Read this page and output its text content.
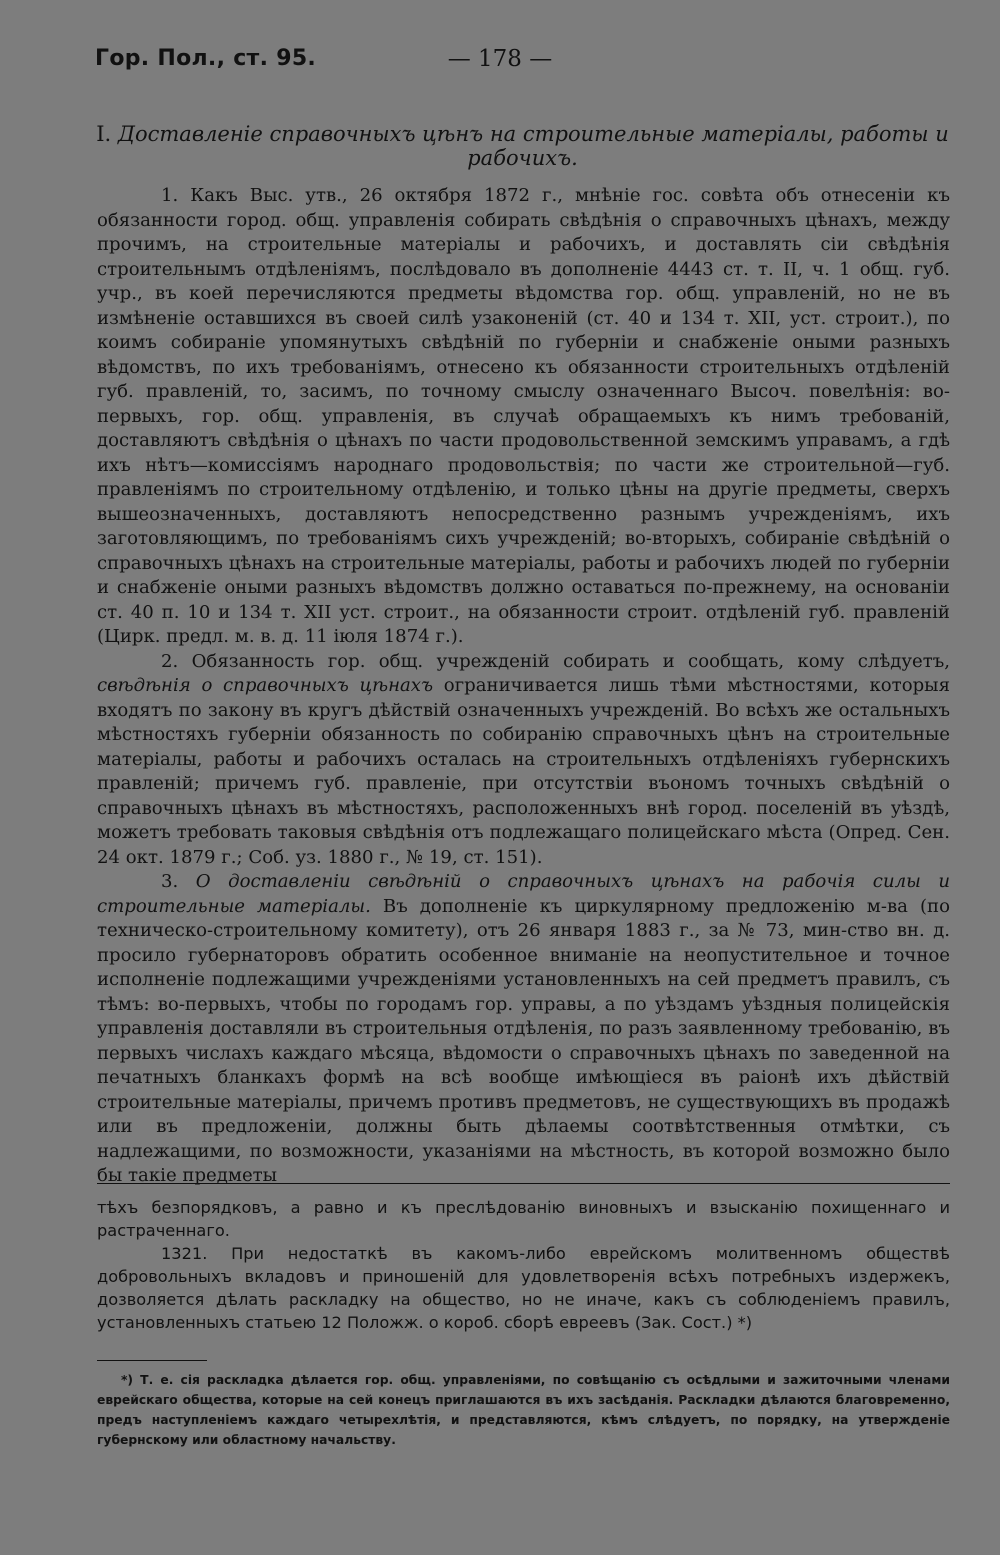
Гор. Пол., ст. 95.	— 178 —
I. Доставленіе справочныхъ цѣнъ на строительные матеріалы, работы и рабочихъ.

1. Какъ Выс. утв., 26 октября 1872 г., мнѣніе гос. совѣта объ отнесеніи къ обязанности город. общ. управленія собирать свѣдѣнія о справочныхъ цѣнахъ, между прочимъ, на строительные матеріалы и рабочихъ, и доставлять сіи свѣдѣнія строительнымъ отдѣленіямъ, послѣдовало въ дополненіе 4443 ст. т. II, ч. 1 общ. губ. учр., въ коей перечисляются предметы вѣдомства гор. общ. управленій, но не въ измѣненіе оставшихся въ своей силѣ узаконеній (ст. 40 и 134 т. XII, уст. строит.), по коимъ собираніе упомянутыхъ свѣдѣній по губерніи и снабженіе оными разныхъ вѣдомствъ, по ихъ требованіямъ, отнесено къ обязанности строительныхъ отдѣленій губ. правленій, то, засимъ, по точному смыслу означеннаго Высоч. повелѣнія: во-первыхъ, гор. общ. управленія, въ случаѣ обращаемыхъ къ нимъ требованій, доставляютъ свѣдѣнія о цѣнахъ по части продовольственной земскимъ управамъ, а гдѣ ихъ нѣтъ—комиссіямъ народнаго продовольствія; по части же строительной—губ. правленіямъ по строительному отдѣленію, и только цѣны на другіе предметы, сверхъ вышеозначенныхъ, доставляютъ непосредственно разнымъ учрежденіямъ, ихъ заготовляющимъ, по требованіямъ сихъ учрежденій; во-вторыхъ, собираніе свѣдѣній о справочныхъ цѣнахъ на строительные матеріалы, работы и рабочихъ людей по губерніи и снабженіе оными разныхъ вѣдомствъ должно оставаться по-прежнему, на основаніи ст. 40 п. 10 и 134 т. XII уст. строит., на обязанности строит. отдѣленій губ. правленій (Цирк. предл. м. в. д. 11 іюля 1874 г.).

2. Обязанность гор. общ. учрежденій собирать и сообщать, кому слѣдуетъ, свѣдѣнія о справочныхъ цѣнахъ ограничивается лишь тѣми мѣстностями, которыя входятъ по закону въ кругъ дѣйствій означенныхъ учрежденій. Во всѣхъ же остальныхъ мѣстностяхъ губерніи обязанность по собиранію справочныхъ цѣнъ на строительные матеріалы, работы и рабочихъ осталась на строительныхъ отдѣленіяхъ губернскихъ правленій; причемъ губ. правленіе, при отсутствіи въономъ точныхъ свѣдѣній о справочныхъ цѣнахъ въ мѣстностяхъ, расположенныхъ внѣ город. поселеній въ уѣздѣ, можетъ требовать таковыя свѣдѣнія отъ подлежащаго полицейскаго мѣста (Опред. Сен. 24 окт. 1879 г.; Соб. уз. 1880 г., № 19, ст. 151).

3. О доставленіи свѣдѣній о справочныхъ цѣнахъ на рабочія силы и строительные матеріалы. Въ дополненіе къ циркулярному предложенію м-ва (по техническо-строительному комитету), отъ 26 января 1883 г., за № 73, мин-ство вн. д. просило губернаторовъ обратить особенное вниманіе на неопустительное и точное исполненіе подлежащими учрежденіями установленныхъ на сей предметъ правилъ, съ тѣмъ: во-первыхъ, чтобы по городамъ гор. управы, а по уѣздамъ уѣздныя полицейскія управленія доставляли въ строительныя отдѣленія, по разъ заявленному требованію, въ первыхъ числахъ каждаго мѣсяца, вѣдомости о справочныхъ цѣнахъ по заведенной на печатныхъ бланкахъ формѣ на всѣ вообще имѣющіеся въ раіонѣ ихъ дѣйствій строительные матеріалы, причемъ противъ предметовъ, не существующихъ въ продажѣ или въ предложеніи, должны быть дѣлаемы соотвѣтственныя отмѣтки, съ надлежащими, по возможности, указаніями на мѣстность, въ которой возможно было бы такіе предметы

тѣхъ безпорядковъ, а равно и къ преслѣдованію виновныхъ и взысканію похищеннаго и растраченнаго.

1321. При недостаткѣ въ какомъ-либо еврейскомъ молитвенномъ обществѣ добровольныхъ вкладовъ и приношеній для удовлетворенія всѣхъ потребныхъ издержекъ, дозволяется дѣлать раскладку на общество, но не иначе, какъ съ соблюденіемъ правилъ, установленныхъ статьею 12 Положж. о короб. сборѣ евреевъ (Зак. Сост.) *)

*) Т. е. сія раскладка дѣлается гор. общ. управленіями, по совѣщанію съ осѣдлыми и зажиточными членами еврейскаго общества, которые на сей конецъ приглашаются въ ихъ засѣданія. Раскладки дѣлаются благовременно, предъ наступленіемъ каждаго четырехлѣтія, и представляются, кѣмъ слѣдуетъ, по порядку, на утвержденіе губернскому или областному начальству.
